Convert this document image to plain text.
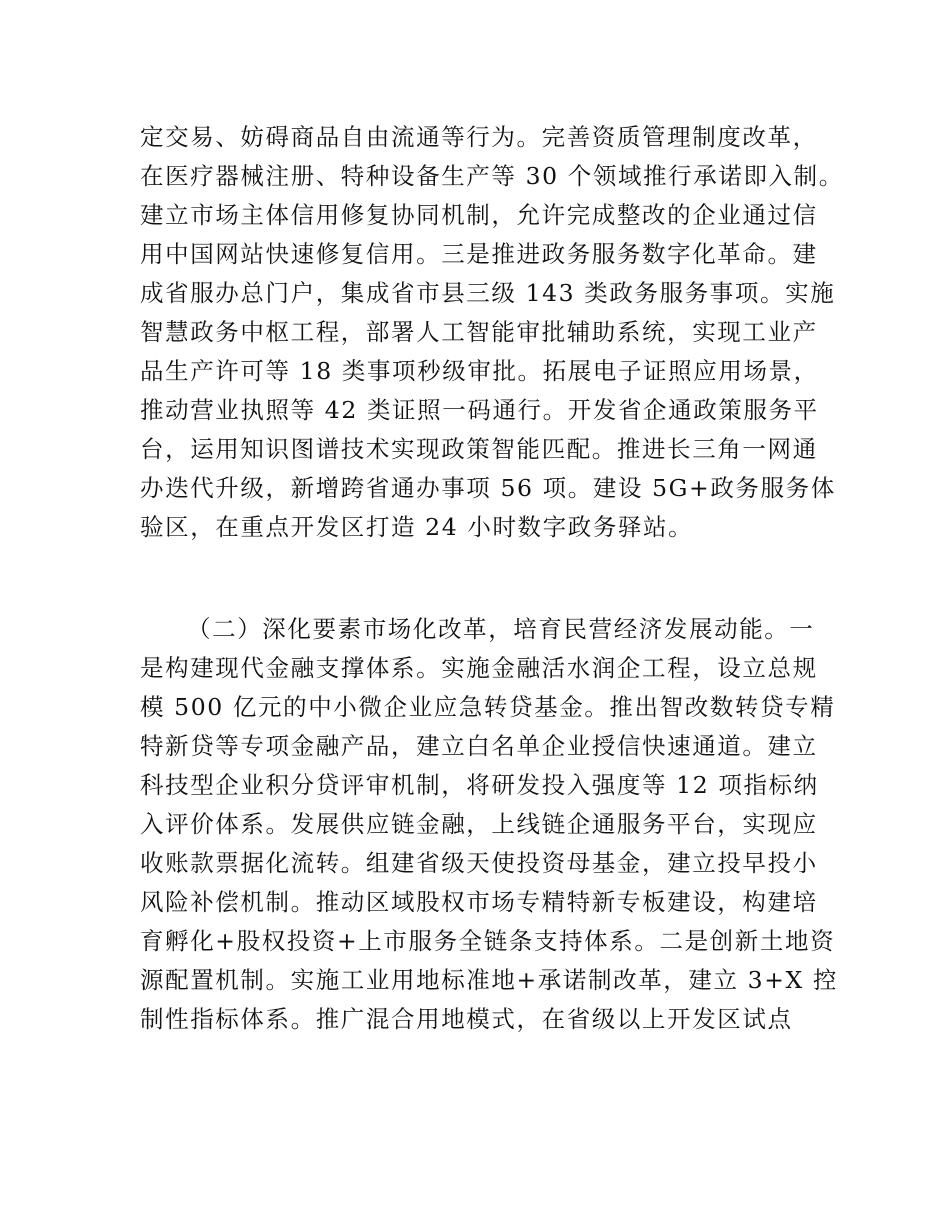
定交易、妨碍商品自由流通等行为。完善资质管理制度改革，
在医疗器械注册、特种设备生产等 30 个领域推行承诺即入制。
建立市场主体信用修复协同机制，允许完成整改的企业通过信
用中国网站快速修复信用。三是推进政务服务数字化革命。建
成省服办总门户，集成省市县三级 143 类政务服务事项。实施
智慧政务中枢工程，部署人工智能审批辅助系统，实现工业产
品生产许可等 18 类事项秒级审批。拓展电子证照应用场景，
推动营业执照等 42 类证照一码通行。开发省企通政策服务平
台，运用知识图谱技术实现政策智能匹配。推进长三角一网通
办迭代升级，新增跨省通办事项 56 项。建设 5G+政务服务体
验区，在重点开发区打造 24 小时数字政务驿站。
（二）深化要素市场化改革，培育民营经济发展动能。一
是构建现代金融支撑体系。实施金融活水润企工程，设立总规
模 500 亿元的中小微企业应急转贷基金。推出智改数转贷专精
特新贷等专项金融产品，建立白名单企业授信快速通道。建立
科技型企业积分贷评审机制，将研发投入强度等 12 项指标纳
入评价体系。发展供应链金融，上线链企通服务平台，实现应
收账款票据化流转。组建省级天使投资母基金，建立投早投小
风险补偿机制。推动区域股权市场专精特新专板建设，构建培
育孵化+股权投资+上市服务全链条支持体系。二是创新土地资
源配置机制。实施工业用地标准地+承诺制改革，建立 3+X 控
制性指标体系。推广混合用地模式，在省级以上开发区试点
